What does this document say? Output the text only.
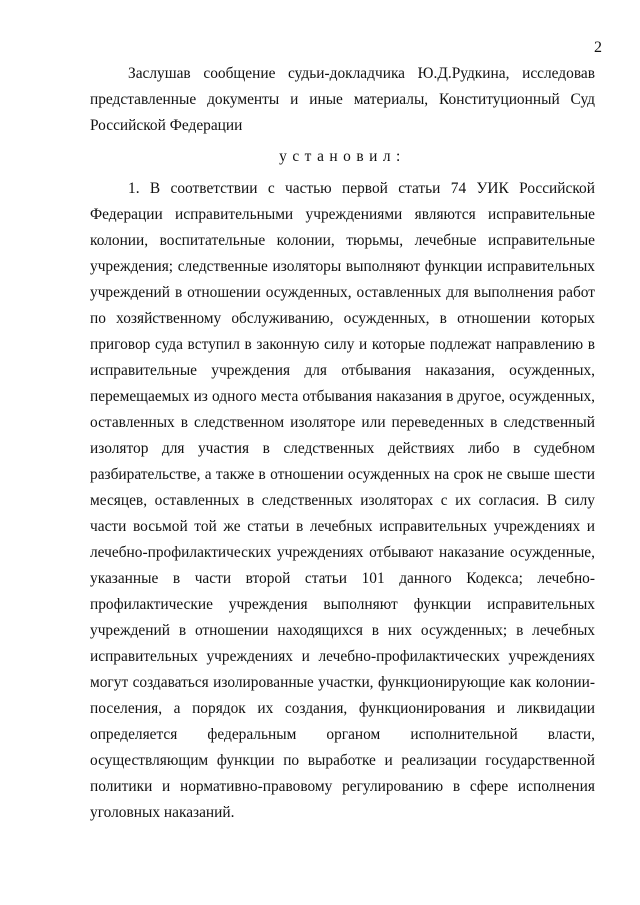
2

Заслушав сообщение судьи-докладчика Ю.Д.Рудкина, исследовав представленные документы и иные материалы, Конституционный Суд Российской Федерации

установил:

1. В соответствии с частью первой статьи 74 УИК Российской Федерации исправительными учреждениями являются исправительные колонии, воспитательные колонии, тюрьмы, лечебные исправительные учреждения; следственные изоляторы выполняют функции исправительных учреждений в отношении осужденных, оставленных для выполнения работ по хозяйственному обслуживанию, осужденных, в отношении которых приговор суда вступил в законную силу и которые подлежат направлению в исправительные учреждения для отбывания наказания, осужденных, перемещаемых из одного места отбывания наказания в другое, осужденных, оставленных в следственном изоляторе или переведенных в следственный изолятор для участия в следственных действиях либо в судебном разбирательстве, а также в отношении осужденных на срок не свыше шести месяцев, оставленных в следственных изоляторах с их согласия. В силу части восьмой той же статьи в лечебных исправительных учреждениях и лечебно-профилактических учреждениях отбывают наказание осужденные, указанные в части второй статьи 101 данного Кодекса; лечебно-профилактические учреждения выполняют функции исправительных учреждений в отношении находящихся в них осужденных; в лечебных исправительных учреждениях и лечебно-профилактических учреждениях могут создаваться изолированные участки, функционирующие как колонии-поселения, а порядок их создания, функционирования и ликвидации определяется федеральным органом исполнительной власти, осуществляющим функции по выработке и реализации государственной политики и нормативно-правовому регулированию в сфере исполнения уголовных наказаний.
